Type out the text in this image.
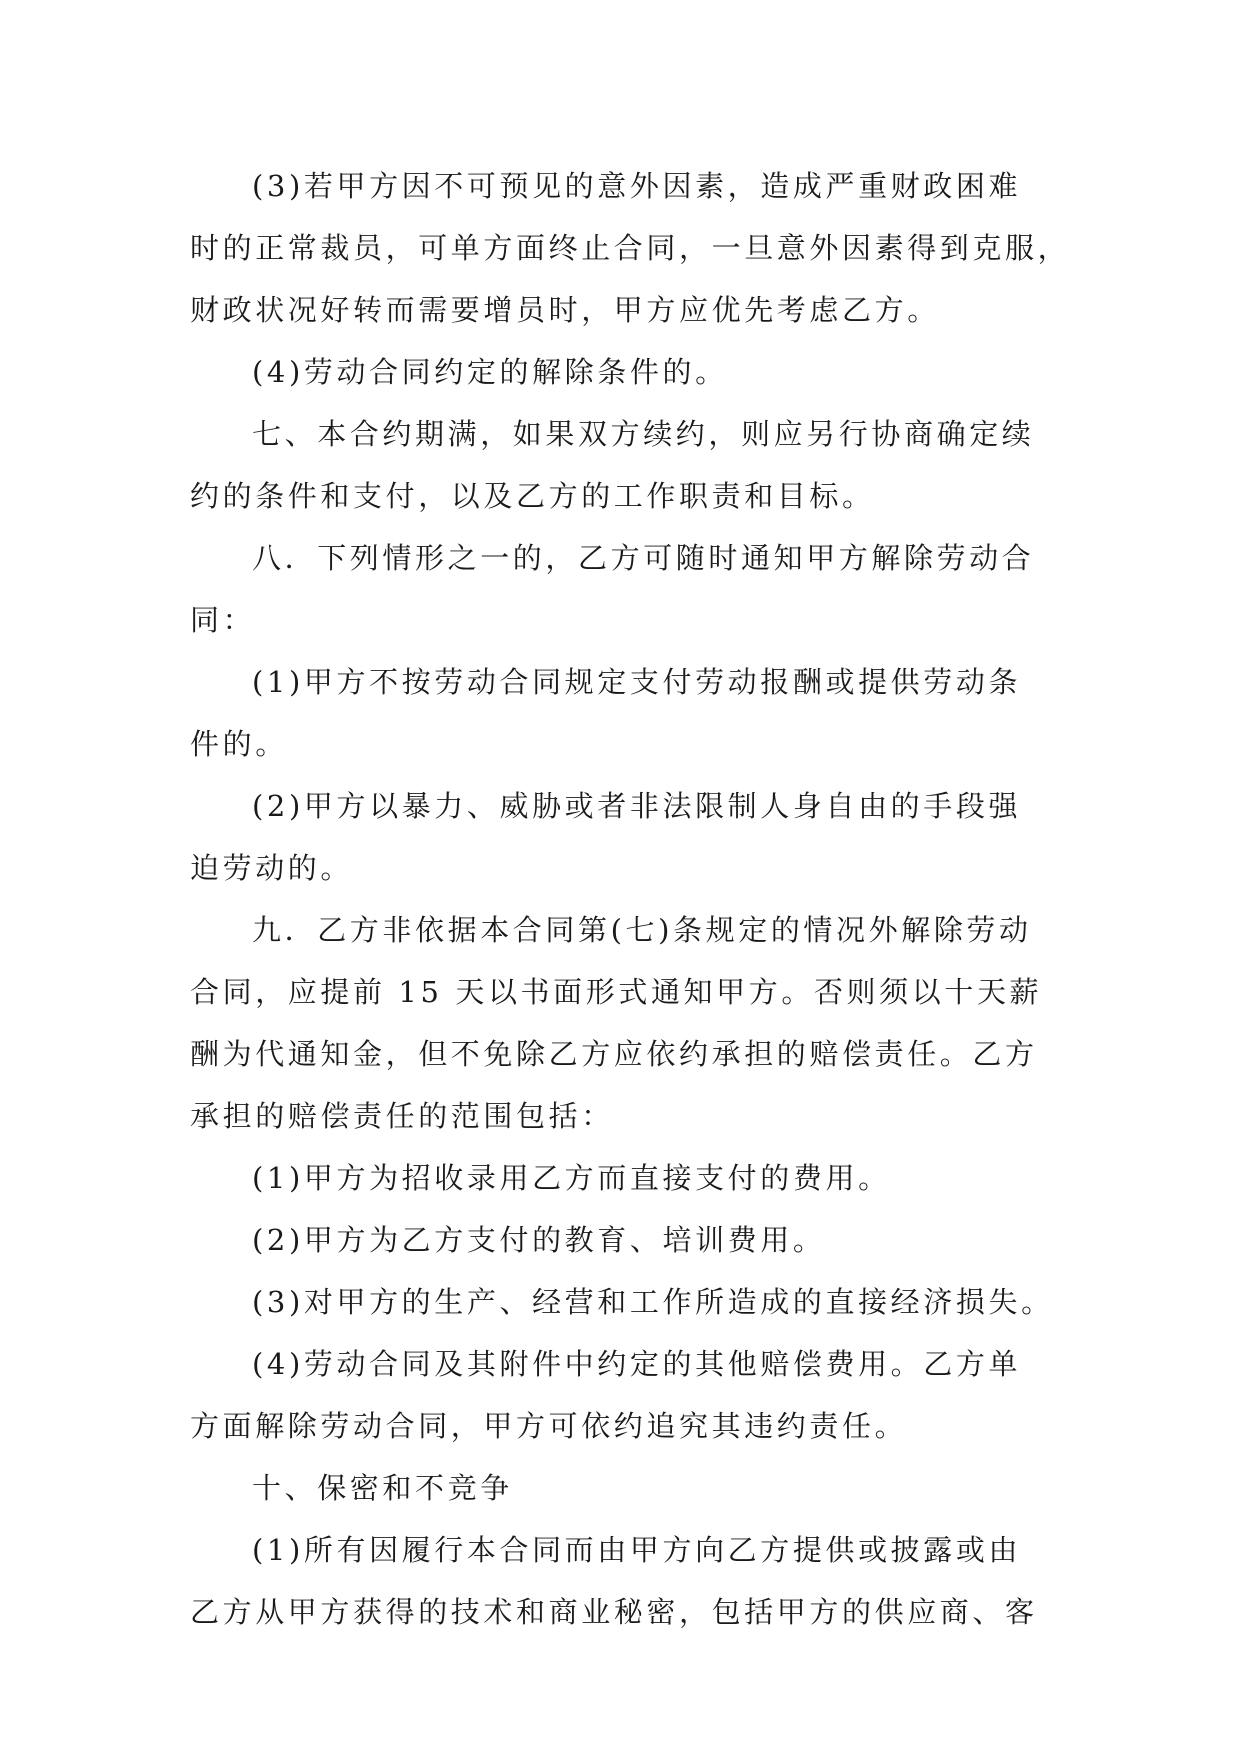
(3)若甲方因不可预见的意外因素，造成严重财政困难
时的正常裁员，可单方面终止合同，一旦意外因素得到克服，
财政状况好转而需要增员时，甲方应优先考虑乙方。
(4)劳动合同约定的解除条件的。
七、本合约期满，如果双方续约，则应另行协商确定续
约的条件和支付，以及乙方的工作职责和目标。
八．下列情形之一的，乙方可随时通知甲方解除劳动合
同：
(1)甲方不按劳动合同规定支付劳动报酬或提供劳动条
件的。
(2)甲方以暴力、威胁或者非法限制人身自由的手段强
迫劳动的。
九．乙方非依据本合同第(七)条规定的情况外解除劳动
合同，应提前 15 天以书面形式通知甲方。否则须以十天薪
酬为代通知金，但不免除乙方应依约承担的赔偿责任。乙方
承担的赔偿责任的范围包括：
(1)甲方为招收录用乙方而直接支付的费用。
(2)甲方为乙方支付的教育、培训费用。
(3)对甲方的生产、经营和工作所造成的直接经济损失。
(4)劳动合同及其附件中约定的其他赔偿费用。乙方单
方面解除劳动合同，甲方可依约追究其违约责任。
十、保密和不竞争
(1)所有因履行本合同而由甲方向乙方提供或披露或由
乙方从甲方获得的技术和商业秘密，包括甲方的供应商、客
